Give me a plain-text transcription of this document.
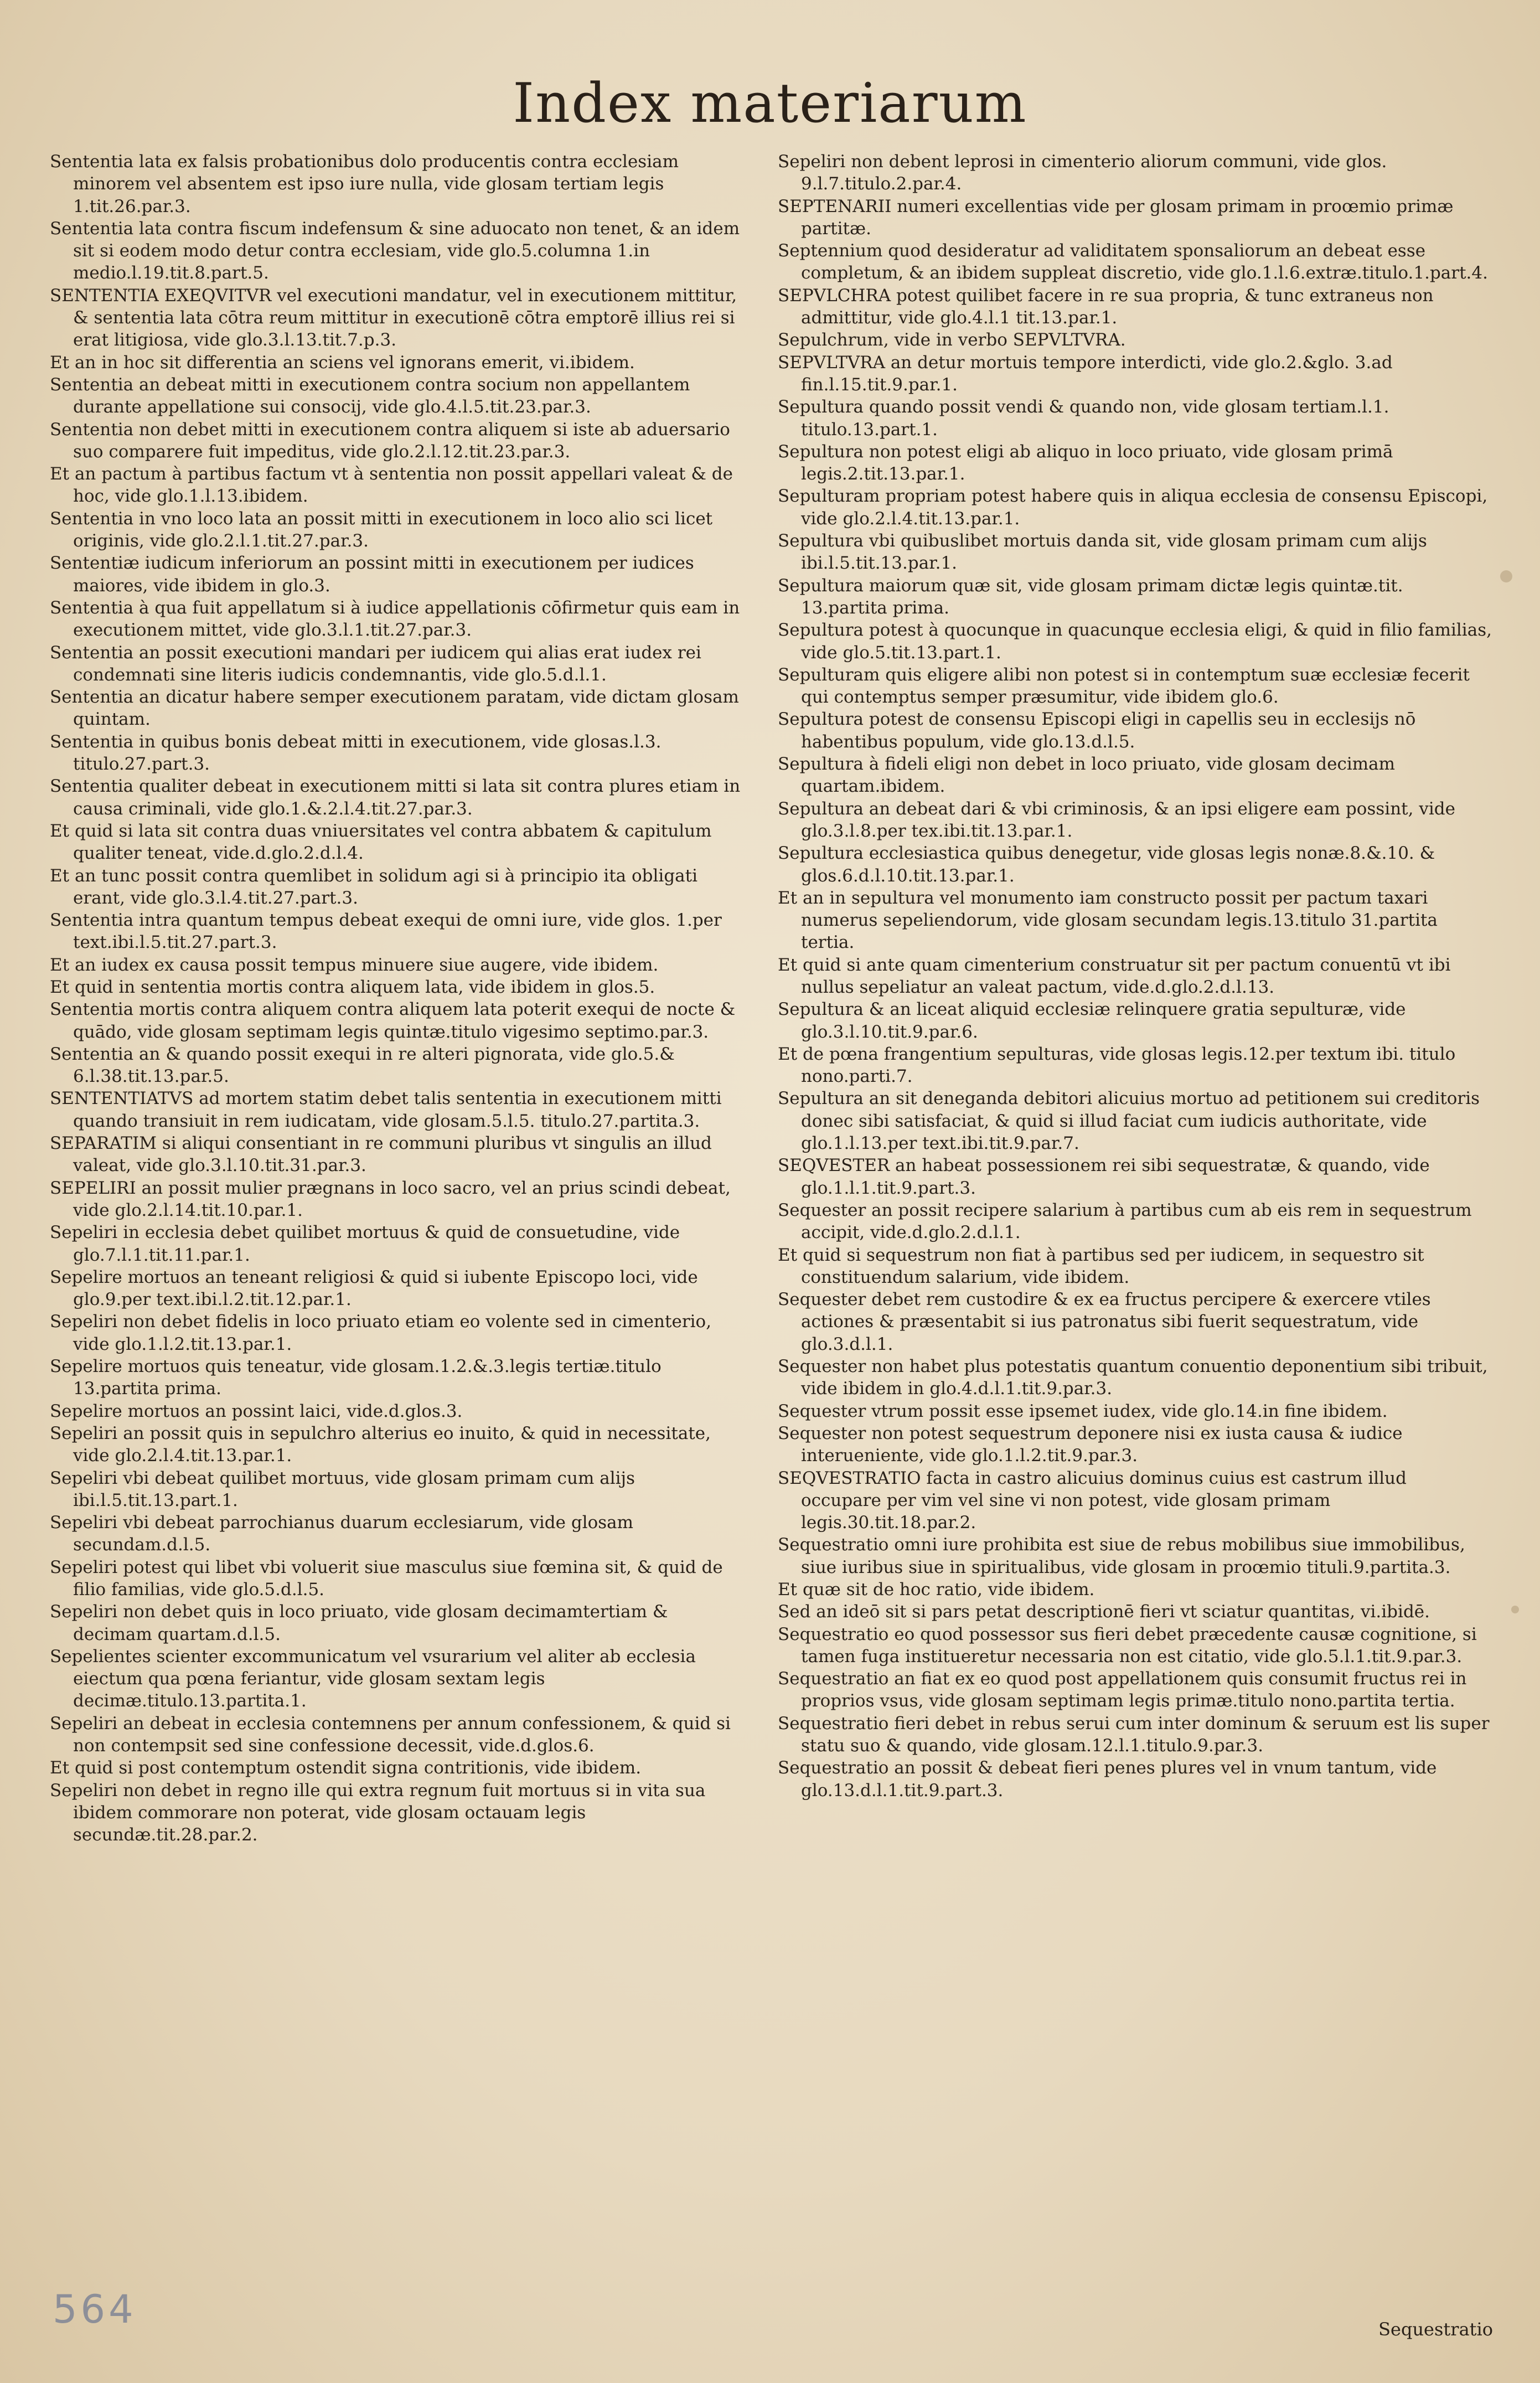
Index materiarum

Sententia lata ex falsis probationibus dolo producentis contra ecclesiam minorem vel absentem est ipso iure nulla, vide glosam tertiam legis 1.tit.26.par.3.

Sententia lata contra fiscum indefensum & sine aduocato non tenet, & an idem sit si eodem modo detur contra ecclesiam, vide glo.5.columna 1.in medio.l.19.tit.8.part.5.

SENTENTIA EXEQVITVR vel executioni mandatur, vel in executionem mittitur, & sententia lata cōtra reum mittitur in executionē cōtra emptorē illius rei si erat litigiosa, vide glo.3.l.13.tit.7.p.3.

Et an in hoc sit differentia an sciens vel ignorans emerit, vi.ibidem.

Sententia an debeat mitti in executionem contra socium non appellantem durante appellatione sui consocij, vide glo.4.l.5.tit.23.par.3.

Sententia non debet mitti in executionem contra aliquem si iste ab aduersario suo comparere fuit impeditus, vide glo.2.l.12.tit.23.par.3.

Et an pactum à partibus factum vt à sententia non possit appellari valeat & de hoc, vide glo.1.l.13.ibidem.

Sententia in vno loco lata an possit mitti in executionem in loco alio sci licet originis, vide glo.2.l.1.tit.27.par.3.

Sententiæ iudicum inferiorum an possint mitti in executionem per iudices maiores, vide ibidem in glo.3.

Sententia à qua fuit appellatum si à iudice appellationis cōfirmetur quis eam in executionem mittet, vide glo.3.l.1.tit.27.par.3.

Sententia an possit executioni mandari per iudicem qui alias erat iudex rei condemnati sine literis iudicis condemnantis, vide glo.5.d.l.1.

Sententia an dicatur habere semper executionem paratam, vide dictam glosam quintam.

Sententia in quibus bonis debeat mitti in executionem, vide glosas.l.3. titulo.27.part.3.

Sententia qualiter debeat in executionem mitti si lata sit contra plures etiam in causa criminali, vide glo.1.&.2.l.4.tit.27.par.3.

Et quid si lata sit contra duas vniuersitates vel contra abbatem & capitulum qualiter teneat, vide.d.glo.2.d.l.4.

Et an tunc possit contra quemlibet in solidum agi si à principio ita obligati erant, vide glo.3.l.4.tit.27.part.3.

Sententia intra quantum tempus debeat exequi de omni iure, vide glos. 1.per text.ibi.l.5.tit.27.part.3.

Et an iudex ex causa possit tempus minuere siue augere, vide ibidem.

Et quid in sententia mortis contra aliquem lata, vide ibidem in glos.5.

Sententia mortis contra aliquem contra aliquem lata poterit exequi de nocte & quādo, vide glosam septimam legis quintæ.titulo vigesimo septimo.par.3.

Sententia an & quando possit exequi in re alteri pignorata, vide glo.5.& 6.l.38.tit.13.par.5.

SENTENTIATVS ad mortem statim debet talis sententia in executionem mitti quando transiuit in rem iudicatam, vide glosam.5.l.5. titulo.27.partita.3.

SEPARATIM si aliqui consentiant in re communi pluribus vt singulis an illud valeat, vide glo.3.l.10.tit.31.par.3.

SEPELIRI an possit mulier prægnans in loco sacro, vel an prius scindi debeat, vide glo.2.l.14.tit.10.par.1.

Sepeliri in ecclesia debet quilibet mortuus & quid de consuetudine, vide glo.7.l.1.tit.11.par.1.

Sepelire mortuos an teneant religiosi & quid si iubente Episcopo loci, vide glo.9.per text.ibi.l.2.tit.12.par.1.

Sepeliri non debet fidelis in loco priuato etiam eo volente sed in cimenterio, vide glo.1.l.2.tit.13.par.1.

Sepelire mortuos quis teneatur, vide glosam.1.2.&.3.legis tertiæ.titulo 13.partita prima.

Sepelire mortuos an possint laici, vide.d.glos.3.

Sepeliri an possit quis in sepulchro alterius eo inuito, & quid in necessitate, vide glo.2.l.4.tit.13.par.1.

Sepeliri vbi debeat quilibet mortuus, vide glosam primam cum alijs ibi.l.5.tit.13.part.1.

Sepeliri vbi debeat parrochianus duarum ecclesiarum, vide glosam secundam.d.l.5.

Sepeliri potest qui libet vbi voluerit siue masculus siue fœmina sit, & quid de filio familias, vide glo.5.d.l.5.

Sepeliri non debet quis in loco priuato, vide glosam decimamtertiam & decimam quartam.d.l.5.

Sepelientes scienter excommunicatum vel vsurarium vel aliter ab ecclesia eiectum qua pœna feriantur, vide glosam sextam legis decimæ.titulo.13.partita.1.

Sepeliri an debeat in ecclesia contemnens per annum confessionem, & quid si non contempsit sed sine confessione decessit, vide.d.glos.6.

Et quid si post contemptum ostendit signa contritionis, vide ibidem.

Sepeliri non debet in regno ille qui extra regnum fuit mortuus si in vita sua ibidem commorare non poterat, vide glosam octauam legis secundæ.tit.28.par.2.

Sepeliri non debent leprosi in cimenterio aliorum communi, vide glos. 9.l.7.titulo.2.par.4.

SEPTENARII numeri excellentias vide per glosam primam in proœmio primæ partitæ.

Septennium quod desideratur ad validitatem sponsaliorum an debeat esse completum, & an ibidem suppleat discretio, vide glo.1.l.6.extræ.titulo.1.part.4.

SEPVLCHRA potest quilibet facere in re sua propria, & tunc extraneus non admittitur, vide glo.4.l.1 tit.13.par.1.

Sepulchrum, vide in verbo SEPVLTVRA.

SEPVLTVRA an detur mortuis tempore interdicti, vide glo.2.&glo. 3.ad fin.l.15.tit.9.par.1.

Sepultura quando possit vendi & quando non, vide glosam tertiam.l.1. titulo.13.part.1.

Sepultura non potest eligi ab aliquo in loco priuato, vide glosam primā legis.2.tit.13.par.1.

Sepulturam propriam potest habere quis in aliqua ecclesia de consensu Episcopi, vide glo.2.l.4.tit.13.par.1.

Sepultura vbi quibuslibet mortuis danda sit, vide glosam primam cum alijs ibi.l.5.tit.13.par.1.

Sepultura maiorum quæ sit, vide glosam primam dictæ legis quintæ.tit. 13.partita prima.

Sepultura potest à quocunque in quacunque ecclesia eligi, & quid in filio familias, vide glo.5.tit.13.part.1.

Sepulturam quis eligere alibi non potest si in contemptum suæ ecclesiæ fecerit qui contemptus semper præsumitur, vide ibidem glo.6.

Sepultura potest de consensu Episcopi eligi in capellis seu in ecclesijs nō habentibus populum, vide glo.13.d.l.5.

Sepultura à fideli eligi non debet in loco priuato, vide glosam decimam quartam.ibidem.

Sepultura an debeat dari & vbi criminosis, & an ipsi eligere eam possint, vide glo.3.l.8.per tex.ibi.tit.13.par.1.

Sepultura ecclesiastica quibus denegetur, vide glosas legis nonæ.8.&.10. & glos.6.d.l.10.tit.13.par.1.

Et an in sepultura vel monumento iam constructo possit per pactum taxari numerus sepeliendorum, vide glosam secundam legis.13.titulo 31.partita tertia.

Et quid si ante quam cimenterium construatur sit per pactum conuentū vt ibi nullus sepeliatur an valeat pactum, vide.d.glo.2.d.l.13.

Sepultura & an liceat aliquid ecclesiæ relinquere gratia sepulturæ, vide glo.3.l.10.tit.9.par.6.

Et de pœna frangentium sepulturas, vide glosas legis.12.per textum ibi. titulo nono.parti.7.

Sepultura an sit deneganda debitori alicuius mortuo ad petitionem sui creditoris donec sibi satisfaciat, & quid si illud faciat cum iudicis authoritate, vide glo.1.l.13.per text.ibi.tit.9.par.7.

SEQVESTER an habeat possessionem rei sibi sequestratæ, & quando, vide glo.1.l.1.tit.9.part.3.

Sequester an possit recipere salarium à partibus cum ab eis rem in sequestrum accipit, vide.d.glo.2.d.l.1.

Et quid si sequestrum non fiat à partibus sed per iudicem, in sequestro sit constituendum salarium, vide ibidem.

Sequester debet rem custodire & ex ea fructus percipere & exercere vtiles actiones & præsentabit si ius patronatus sibi fuerit sequestratum, vide glo.3.d.l.1.

Sequester non habet plus potestatis quantum conuentio deponentium sibi tribuit, vide ibidem in glo.4.d.l.1.tit.9.par.3.

Sequester vtrum possit esse ipsemet iudex, vide glo.14.in fine ibidem.

Sequester non potest sequestrum deponere nisi ex iusta causa & iudice interueniente, vide glo.1.l.2.tit.9.par.3.

SEQVESTRATIO facta in castro alicuius dominus cuius est castrum illud occupare per vim vel sine vi non potest, vide glosam primam legis.30.tit.18.par.2.

Sequestratio omni iure prohibita est siue de rebus mobilibus siue immobilibus, siue iuribus siue in spiritualibus, vide glosam in proœmio tituli.9.partita.3.

Et quæ sit de hoc ratio, vide ibidem.

Sed an ideō sit si pars petat descriptionē fieri vt sciatur quantitas, vi.ibidē.

Sequestratio eo quod possessor sus fieri debet præcedente causæ cognitione, si tamen fuga institueretur necessaria non est citatio, vide glo.5.l.1.tit.9.par.3.

Sequestratio an fiat ex eo quod post appellationem quis consumit fructus rei in proprios vsus, vide glosam septimam legis primæ.titulo nono.partita tertia.

Sequestratio fieri debet in rebus serui cum inter dominum & seruum est lis super statu suo & quando, vide glosam.12.l.1.titulo.9.par.3.

Sequestratio an possit & debeat fieri penes plures vel in vnum tantum, vide glo.13.d.l.1.tit.9.part.3.

Sequestratio
564
